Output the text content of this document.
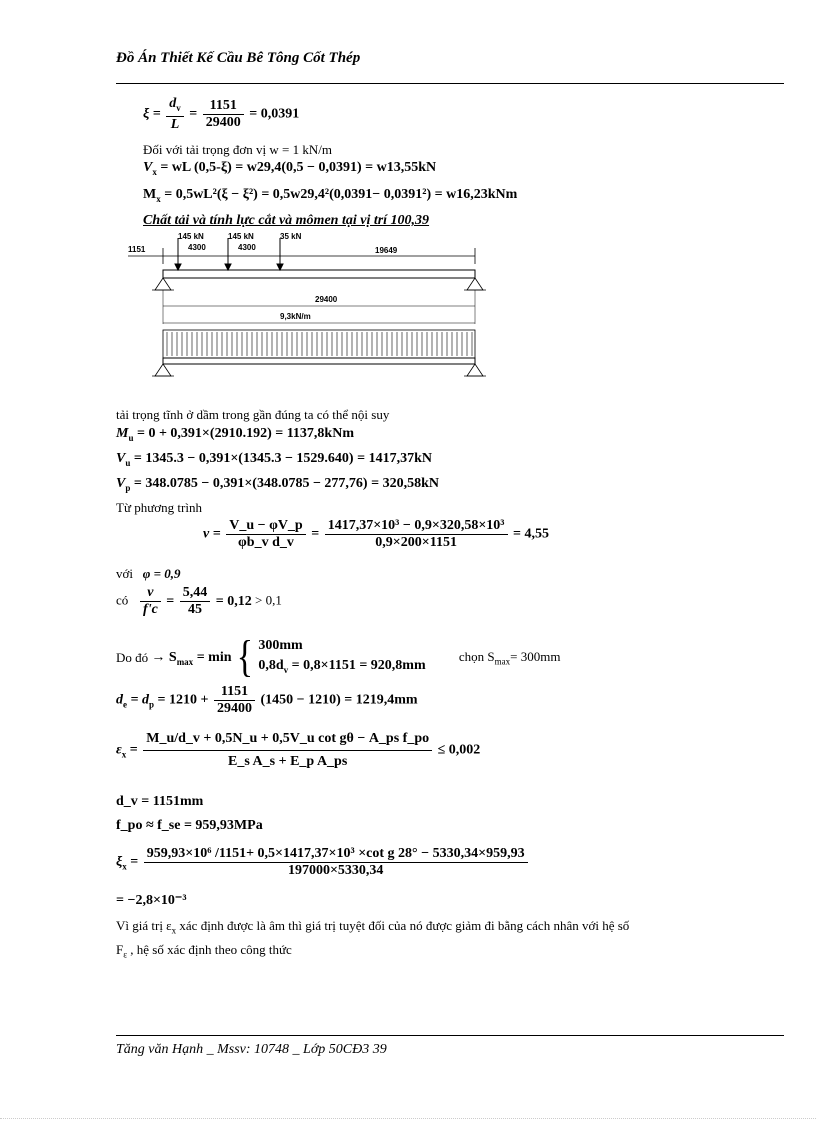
Đồ Án Thiết Kế Cầu Bê Tông Cốt Thép
$\xi = \frac{d_v}{L} = \frac{1151}{29400} = 0,0391$
Đối với tải trọng đơn vị w = 1 kN/m
$V_x$ = wL (0,5-ξ) = w29,4(0,5 − 0,0391) = w13,55kN
$M_x = 0,5wL^2(\xi - \xi^2) = 0,5w29,4^2(0,0391- 0,0391^2) = w16,23kNm$
Chất tải và tính lực cắt và mômen tại vị trí 100,39
1151
145 kN	145 kN	35 kN
4300	4300	19649
29400
9,3kN/m
tải trọng tĩnh ở dầm trong gần đúng ta có thể nội suy
$M_u = 0 + 0,391\times(2910.192) = 1137,8kNm$
$V_u = 1345.3 - 0,391\times(1345.3 - 1529.640) = 1417,37kN$
$V_p = 348.0785 - 0,391\times(348.0785 - 277,76) = 320,58kN$
Từ phương trình
$v = \frac{V\_u - \varphi V\_p}{\text{φb\_v d\_v}} = \frac{\text{1417,37×10³ − 0,9×320,58×10³}}{0,9\times 200\times 1151} = 4,55$
với φ = 0,9
có $\frac{v}{f'c} = \frac{5,44}{45} = 0,12 > 0,1$
Do đó → $S_{max} = \min$ { 300mm
$0,8d_v = 0,8\times 1151 = 920,8mm$
chọn $S_{max}= 300mm$
$d_e = d_p = 1210 + \frac{1151}{29400} (1450 - 1210) = 1219,4mm$
$\varepsilon_x = \frac{\text{M\_u/d\_v + 0,5N\_u + 0,5V\_u cot gθ − A\_ps f\_po}}{\text{E\_s A\_s + E\_p A\_ps}} \le 0,002$
d_v = 1151mm
f_po ≈ f_se = 959,93MPa
$\xi_x$ =
959,93×10⁶ /1151+ 0,5×1417,37×10³ ×cot g 28° − 5330,34×959,93
197000×5330,34
= −2,8×10⁻³
Vì giá trị $\varepsilon_x$ xác định được là âm thì giá trị tuyệt đối của nó được giảm đi bằng cách nhân với hệ số
$F_\varepsilon$ , hệ số xác định theo công thức
Tăng văn Hạnh _ Mssv: 10748 _ Lớp 50CĐ3 39
